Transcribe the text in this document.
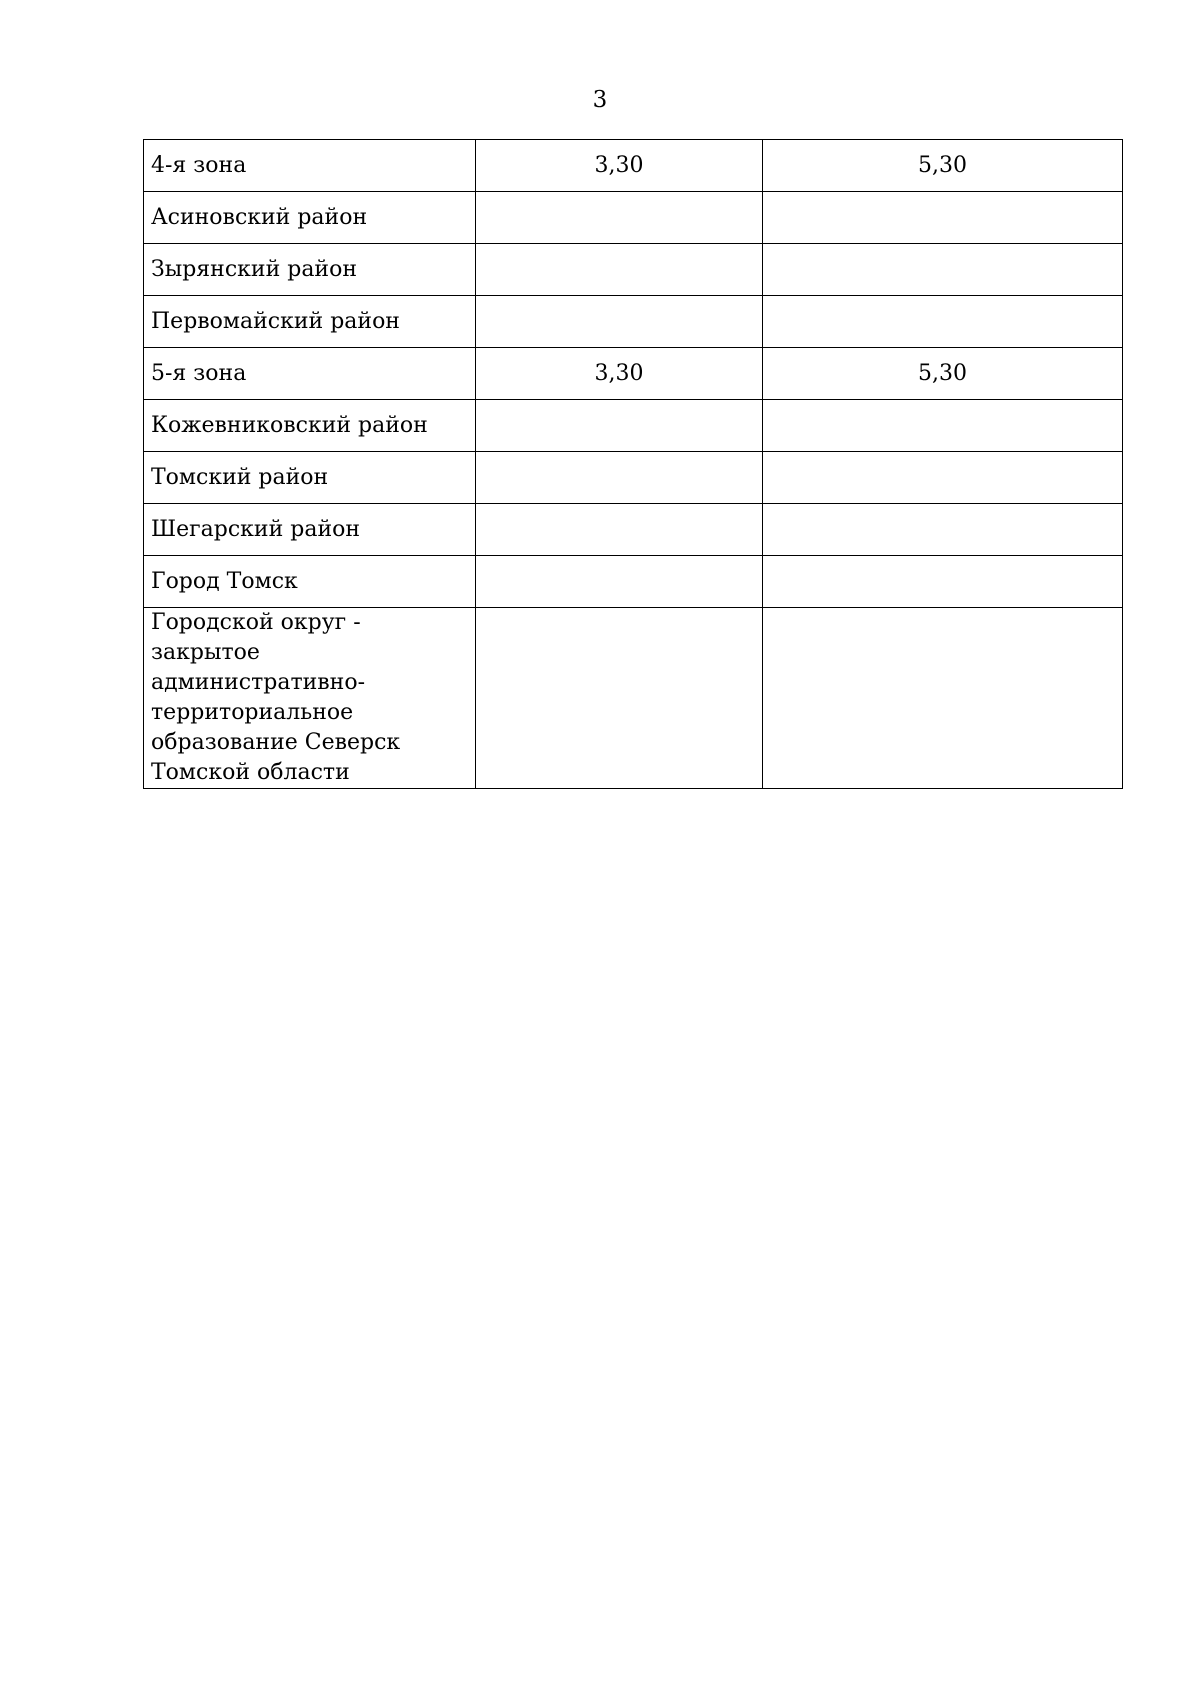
3
4-я зона	3,30	5,30
Асиновский район		
Зырянский район		
Первомайский район		
5-я зона	3,30	5,30
Кожевниковский район		
Томский район		
Шегарский район		
Город Томск		
Городской округ - закрытое административно-территориальное образование Северск Томской области		
